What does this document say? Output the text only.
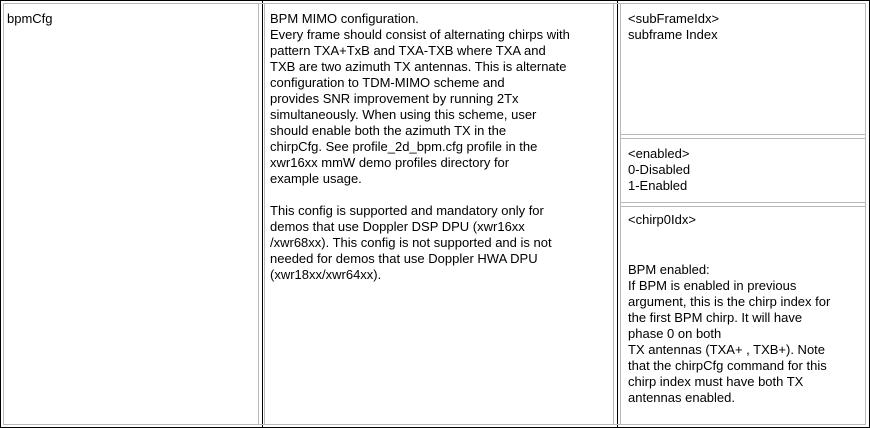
bpmCfg	BPM MIMO configuration.
Every frame should consist of alternating chirps with
pattern TXA+TxB and TXA-TXB where TXA and
TXB are two azimuth TX antennas. This is alternate
configuration to TDM-MIMO scheme and
provides SNR improvement by running 2Tx
simultaneously. When using this scheme, user
should enable both the azimuth TX in the
chirpCfg. See profile_2d_bpm.cfg profile in the
xwr16xx mmW demo profiles directory for
example usage.
This config is supported and mandatory only for
demos that use Doppler DSP DPU (xwr16xx
/xwr68xx). This config is not supported and is not
needed for demos that use Doppler HWA DPU
(xwr18xx/xwr64xx).
<subFrameIdx>
subframe Index
<enabled>
0-Disabled
1-Enabled
<chirp0Idx>
BPM enabled:
If BPM is enabled in previous
argument, this is the chirp index for
the first BPM chirp. It will have
phase 0 on both
TX antennas (TXA+ , TXB+). Note
that the chirpCfg command for this
chirp index must have both TX
antennas enabled.
